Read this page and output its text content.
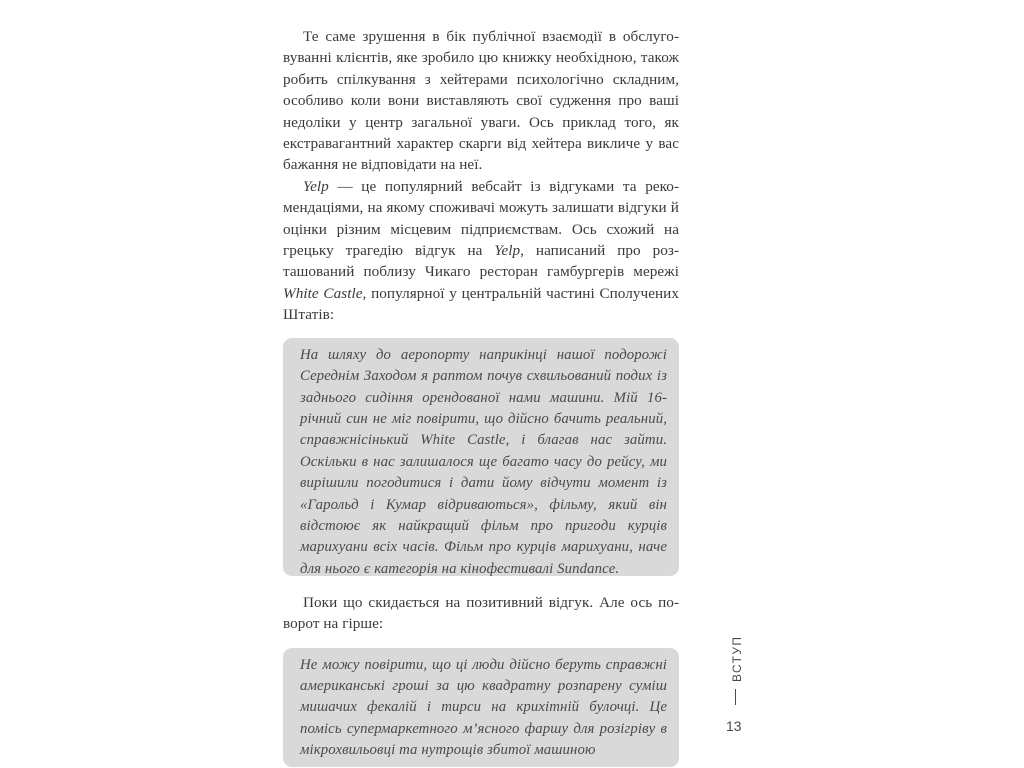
Те саме зрушення в бік публічної взаємодії в обслуговуванні клієнтів, яке зробило цю книжку необхідною, також робить спілкування з хейтерами психологічно складним, особливо коли вони виставляють свої судження про ваші недоліки у центр загальної уваги. Ось приклад того, як екстравагантний характер скарги від хейтера викличе у вас бажання не відповідати на неї.

Yelp — це популярний вебсайт із відгуками та рекомендаціями, на якому споживачі можуть залишати відгуки й оцінки різним місцевим підприємствам. Ось схожий на грецьку трагедію відгук на Yelp, написаний про розташований поблизу Чикаго ресторан гамбургерів мережі White Castle, популярної у центральній частині Сполучених Штатів:

На шляху до аеропорту наприкінці нашої подорожі Середнім Заходом я раптом почув схвильований подих із заднього сидіння орендованої нами машини. Мій 16-річний син не міг повірити, що дійсно бачить реальний, справжнісінький White Castle, і благав нас зайти. Оскільки в нас залишалося ще багато часу до рейсу, ми вирішили погодитися і дати йому відчути момент із «Гарольд і Кумар відриваються», фільму, який він відстоює як найкращий фільм про пригоди курців марихуани всіх часів. Фільм про курців марихуани, наче для нього є категорія на кінофестивалі Sundance.

Поки що скидається на позитивний відгук. Але ось поворот на гірше:

Не можу повірити, що ці люди дійсно беруть справжні американські гроші за цю квадратну розпарену суміш мишачих фекалій і тирси на крихітній булочці. Це помісь супермаркетного м’ясного фаршу для розігріву в мікрохвильовці та нутрощів збитої машиною

ВСТУП
13
